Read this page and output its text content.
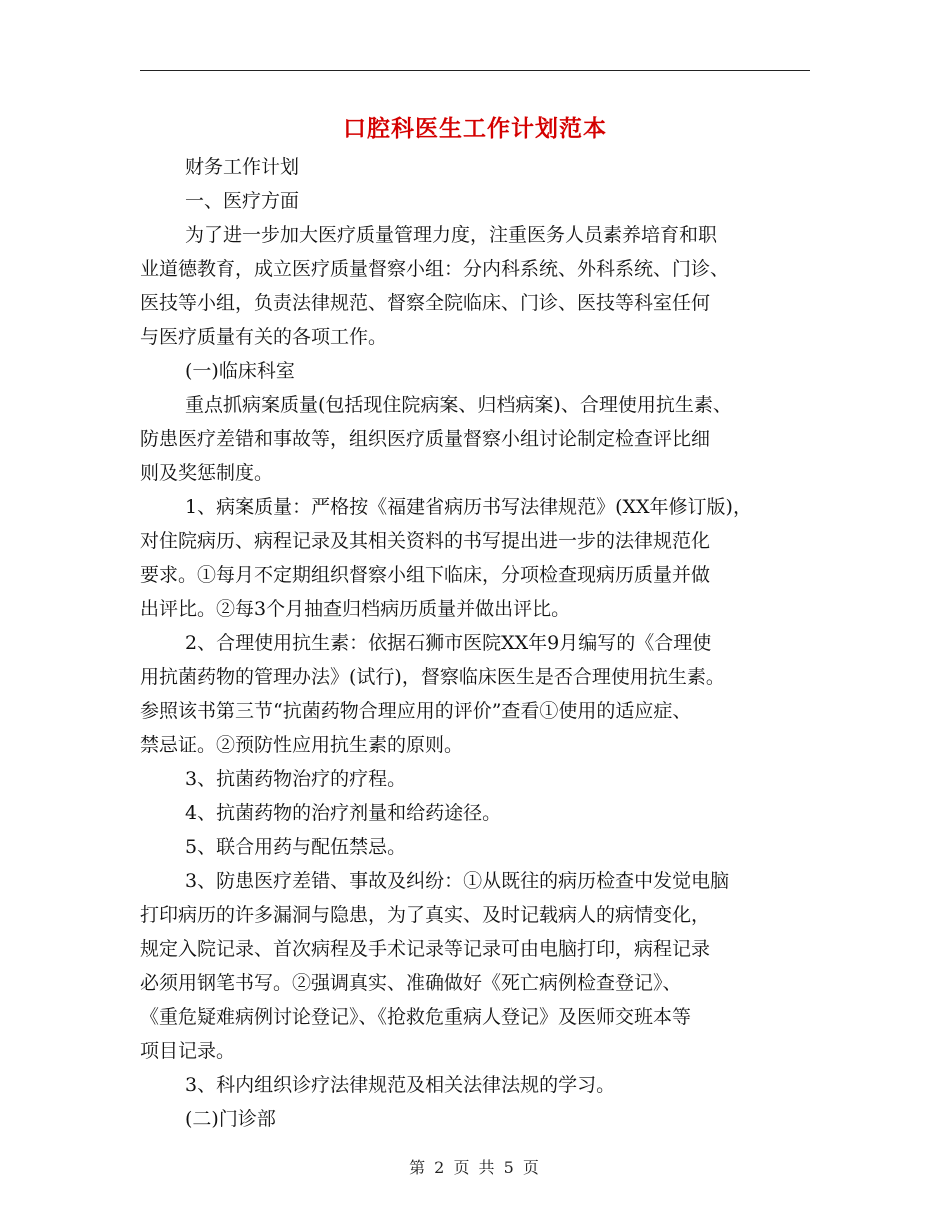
口腔科医生工作计划范本
财务工作计划
一、医疗方面
为了进一步加大医疗质量管理力度，注重医务人员素养培育和职
业道德教育，成立医疗质量督察小组：分内科系统、外科系统、门诊、
医技等小组，负责法律规范、督察全院临床、门诊、医技等科室任何
与医疗质量有关的各项工作。
(一)临床科室
重点抓病案质量(包括现住院病案、归档病案)、合理使用抗生素、
防患医疗差错和事故等，组织医疗质量督察小组讨论制定检查评比细
则及奖惩制度。
1、病案质量：严格按《福建省病历书写法律规范》(XX年修订版)，
对住院病历、病程记录及其相关资料的书写提出进一步的法律规范化
要求。①每月不定期组织督察小组下临床，分项检查现病历质量并做
出评比。②每3个月抽查归档病历质量并做出评比。
2、合理使用抗生素：依据石狮市医院XX年9月编写的《合理使
用抗菌药物的管理办法》(试行)，督察临床医生是否合理使用抗生素。
参照该书第三节“抗菌药物合理应用的评价”查看①使用的适应症、
禁忌证。②预防性应用抗生素的原则。
3、抗菌药物治疗的疗程。
4、抗菌药物的治疗剂量和给药途径。
5、联合用药与配伍禁忌。
3、防患医疗差错、事故及纠纷：①从既往的病历检查中发觉电脑
打印病历的许多漏洞与隐患，为了真实、及时记载病人的病情变化，
规定入院记录、首次病程及手术记录等记录可由电脑打印，病程记录
必须用钢笔书写。②强调真实、准确做好《死亡病例检查登记》、
《重危疑难病例讨论登记》、《抢救危重病人登记》及医师交班本等
项目记录。
3、科内组织诊疗法律规范及相关法律法规的学习。
(二)门诊部
第 2 页 共 5 页
